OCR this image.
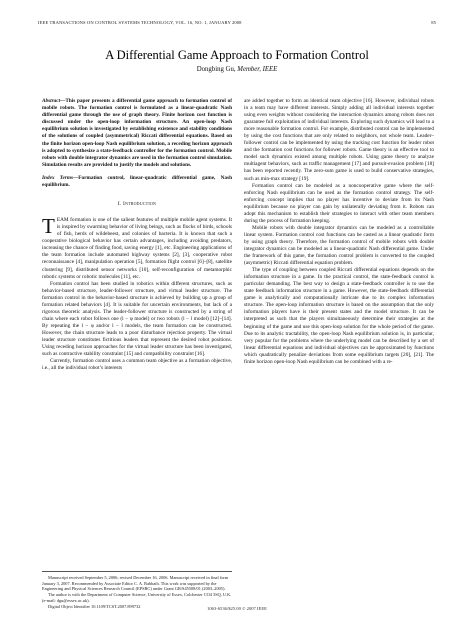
IEEE TRANSACTIONS ON CONTROL SYSTEMS TECHNOLOGY, VOL. 16, NO. 1, JANUARY 2008	85
A Differential Game Approach to Formation Control
Dongbing Gu, Member, IEEE
Abstract—This paper presents a differential game approach to formation control of mobile robots. The formation control is formulated as a linear-quadratic Nash differential game through the use of graph theory. Finite horizon cost function is discussed under the open-loop information structure. An open-loop Nash equilibrium solution is investigated by establishing existence and stability conditions of the solutions of coupled (asymmetrical) Riccati differential equations. Based on the finite horizon open-loop Nash equilibrium solution, a receding horizon approach is adopted to synthesize a state-feedback controller for the formation control. Mobile robots with double integrator dynamics are used in the formation control simulation. Simulation results are provided to justify the models and solutions.
Index Terms—Formation control, linear-quadratic differential game, Nash equilibrium.
I. Introduction

TEAM formation is one of the salient features of multiple mobile agent systems. It is inspired by swarming behavior of living beings, such as flocks of birds, schools of fish, herds of wildebeest, and colonies of bacteria. It is known that such a cooperative biological behavior has certain advantages, including avoiding predators, increasing the chance of finding food, saving energy [1], etc. Engineering applications of the team formation include automated highway systems [2], [3], cooperative robot reconnaissance [4], manipulation operation [5], formation flight control [6]–[8], satellite clustering [9], distributed sensor networks [10], self-reconfiguration of metamorphic robotic systems or robotic molecules [11], etc.

Formation control has been studied in robotics within different structures, such as behavior-based structure, leader-follower structure, and virtual leader structure. The formation control in the behavior-based structure is achieved by building up a group of formation related behaviors [4]. It is suitable for uncertain environments, but lack of a rigorous theoretic analysis. The leader-follower structure is constructed by a string of chain where each robot follows one (l − φ model) or two robots (l − l model) [12]–[14]. By repeating the l − φ and/or l − l models, the team formation can be constructed. However, the chain structure leads to a poor disturbance rejection property. The virtual leader structure constitutes fictitious leaders that represent the desired robot positions. Using receding horizon approaches for the virtual leader structure has been investigated, such as contractive stability constraint [15] and compatibility constraint [16].

Currently, formation control uses a common team objective as a formation objective, i.e., all the individual robot’s interests

are added together to form an identical team objective [16]. However, individual robots in a team may have different interests. Simply adding all individual interests together using even weights without considering the interaction dynamics among robots does not guarantee full exploitation of individual interests. Exploring such dynamics will lead to a more reasonable formation control. For example, distributed control can be implemented by using the cost functions that are only related to neighbors, not whole team. Leader–follower control can be implemented by using the tracking cost function for leader robot and the formation cost functions for follower robots. Game theory is an effective tool to model such dynamics existed among multiple robots. Using game theory to analyze multiagent behaviors, such as traffic management [17] and pursuit-evasion problem [18] has been reported recently. The zero-sum game is used to build conservative strategies, such as min-max strategy [19].

Formation control can be modeled as a noncooperative game where the self-enforcing Nash equilibrium can be used as the formation control strategy. The self-enforcing concept implies that no player has incentive to deviate from its Nash equilibrium because no player can gain by unilaterally deviating from it. Robots can adopt this mechanism to establish their strategies to interact with other team members during the process of formation keeping.

Mobile robots with double integrator dynamics can be modeled as a controllable linear system. Formation control cost functions can be casted as a linear quadratic form by using graph theory. Therefore, the formation control of mobile robots with double integrator dynamics can be modeled as a linear-quadratic Nash differential game. Under the framework of this game, the formation control problem is converted to the coupled (asymmetric) Riccati differential equation problem.

The type of coupling between coupled Riccati differential equations depends on the information structure in a game. In the practical control, the state-feedback control is particular demanding. The best way to design a state-feedback controller is to use the state feedback information structure in a game. However, the state-feedback differential game is analytically and computationally intricate due to its complex information structure. The open-loop information structure is based on the assumption that the only information players have is their present states and the model structure. It can be interpreted as such that the players simultaneously determine their strategies at the beginning of the game and use this open-loop solution for the whole period of the game. Due to its analytic tractability, the open-loop Nash equilibrium solution is, in particular, very popular for the problems where the underlying model can be described by a set of linear differential equations and individual objectives can be approximated by functions which quadratically penalize deviations from some equilibrium targets [20], [21]. The finite horizon open-loop Nash equilibrium can be combined with a re-

Manuscript received September 5, 2006; revised December 16, 2006. Manuscript received in final form January 3, 2007. Recommended by Associate Editor C. A. Rabbath. This work was supported by the Engineering and Physical Sciences Research Council (EPSRC) under Grant GR/S45508/01 (2003–2005).

The author is with the Department of Computer Science, University of Essex, Colchester CO4 3SQ, U.K. (e-mail: dgu@essex.ac.uk).

Digital Object Identifier 10.1109/TCST.2007.899732	1063-6536/$25.00 © 2007 IEEE
